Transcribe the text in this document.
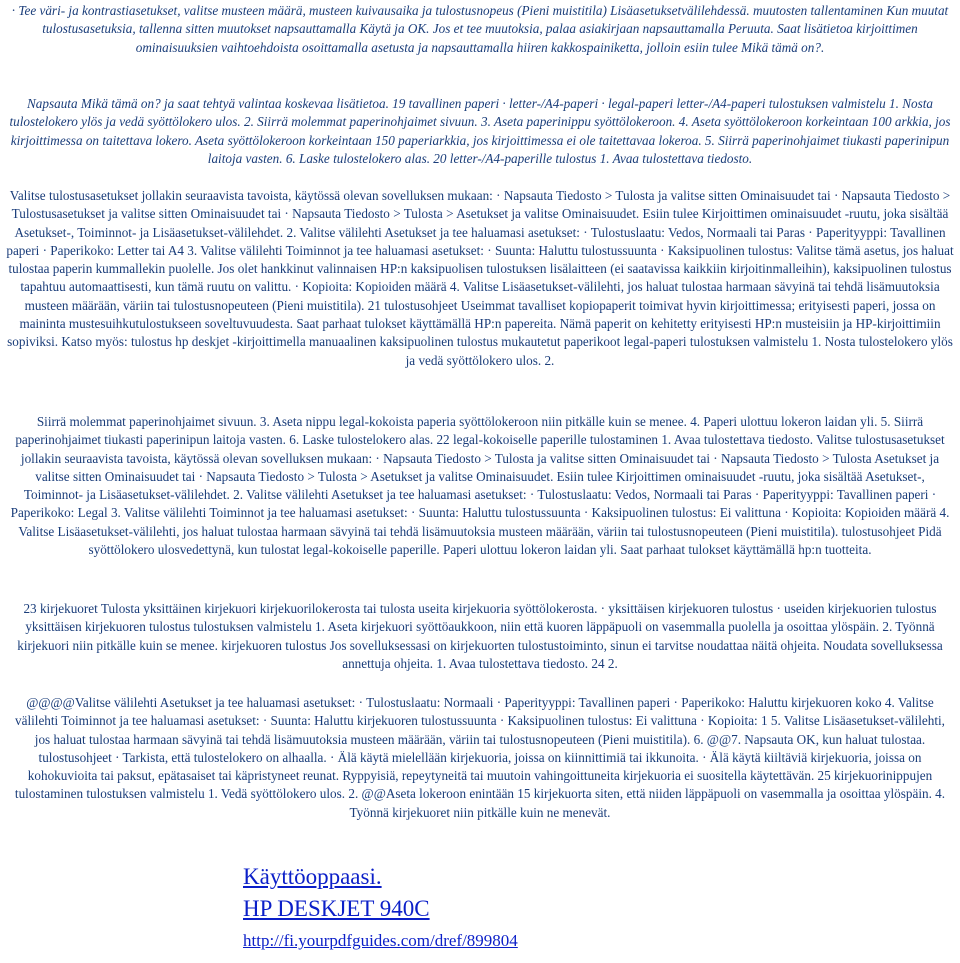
· Tee väri- ja kontrastiasetukset, valitse musteen määrä, musteen kuivausaika ja tulostusnopeus (Pieni muistitila) Lisäasetuksetvälilehdessä. muutosten tallentaminen Kun muutat tulostusasetuksia, tallenna sitten muutokset napsauttamalla Käytä ja OK. Jos et tee muutoksia, palaa asiakirjaan napsauttamalla Peruuta. Saat lisätietoa kirjoittimen ominaisuuksien vaihtoehdoista osoittamalla asetusta ja napsauttamalla hiiren kakkospainiketta, jolloin esiin tulee Mikä tämä on?.

Napsauta Mikä tämä on? ja saat tehtyä valintaa koskevaa lisätietoa. 19 tavallinen paperi · letter-/A4-paperi · legal-paperi letter-/A4-paperi tulostuksen valmistelu 1. Nosta tulostelokero ylös ja vedä syöttölokero ulos. 2. Siirrä molemmat paperinohjaimet sivuun. 3. Aseta paperinippu syöttölokeroon. 4. Aseta syöttölokeroon korkeintaan 100 arkkia, jos kirjoittimessa on taitettava lokero. Aseta syöttölokeroon korkeintaan 150 paperiarkkia, jos kirjoittimessa ei ole taitettavaa lokeroa. 5. Siirrä paperinohjaimet tiukasti paperinipun laitoja vasten. 6. Laske tulostelokero alas. 20 letter-/A4-paperille tulostus 1. Avaa tulostettava tiedosto.

Valitse tulostusasetukset jollakin seuraavista tavoista, käytössä olevan sovelluksen mukaan: · Napsauta Tiedosto > Tulosta ja valitse sitten Ominaisuudet tai · Napsauta Tiedosto > Tulostusasetukset ja valitse sitten Ominaisuudet tai · Napsauta Tiedosto > Tulosta > Asetukset ja valitse Ominaisuudet. Esiin tulee Kirjoittimen ominaisuudet -ruutu, joka sisältää Asetukset-, Toiminnot- ja Lisäasetukset-välilehdet. 2. Valitse välilehti Asetukset ja tee haluamasi asetukset: · Tulostuslaatu: Vedos, Normaali tai Paras · Paperityyppi: Tavallinen paperi · Paperikoko: Letter tai A4 3. Valitse välilehti Toiminnot ja tee haluamasi asetukset: · Suunta: Haluttu tulostussuunta · Kaksipuolinen tulostus: Valitse tämä asetus, jos haluat tulostaa paperin kummallekin puolelle. Jos olet hankkinut valinnaisen HP:n kaksipuolisen tulostuksen lisälaitteen (ei saatavissa kaikkiin kirjoitinmalleihin), kaksipuolinen tulostus tapahtuu automaattisesti, kun tämä ruutu on valittu. · Kopioita: Kopioiden määrä 4. Valitse Lisäasetukset-välilehti, jos haluat tulostaa harmaan sävyinä tai tehdä lisämuutoksia musteen määrään, väriin tai tulostusnopeuteen (Pieni muistitila). 21 tulostusohjeet Useimmat tavalliset kopiopaperit toimivat hyvin kirjoittimessa; erityisesti paperi, jossa on maininta mustesuihkutulostukseen soveltuvuudesta. Saat parhaat tulokset käyttämällä HP:n papereita. Nämä paperit on kehitetty erityisesti HP:n musteisiin ja HP-kirjoittimiin sopiviksi. Katso myös: tulostus hp deskjet -kirjoittimella manuaalinen kaksipuolinen tulostus mukautetut paperikoot legal-paperi tulostuksen valmistelu 1. Nosta tulostelokero ylös ja vedä syöttölokero ulos. 2.

Siirrä molemmat paperinohjaimet sivuun. 3. Aseta nippu legal-kokoista paperia syöttölokeroon niin pitkälle kuin se menee. 4. Paperi ulottuu lokeron laidan yli. 5. Siirrä paperinohjaimet tiukasti paperinipun laitoja vasten. 6. Laske tulostelokero alas. 22 legal-kokoiselle paperille tulostaminen 1. Avaa tulostettava tiedosto. Valitse tulostusasetukset jollakin seuraavista tavoista, käytössä olevan sovelluksen mukaan: · Napsauta Tiedosto > Tulosta ja valitse sitten Ominaisuudet tai · Napsauta Tiedosto > Tulosta Asetukset ja valitse sitten Ominaisuudet tai · Napsauta Tiedosto > Tulosta > Asetukset ja valitse Ominaisuudet. Esiin tulee Kirjoittimen ominaisuudet -ruutu, joka sisältää Asetukset-, Toiminnot- ja Lisäasetukset-välilehdet. 2. Valitse välilehti Asetukset ja tee haluamasi asetukset: · Tulostuslaatu: Vedos, Normaali tai Paras · Paperityyppi: Tavallinen paperi · Paperikoko: Legal 3. Valitse välilehti Toiminnot ja tee haluamasi asetukset: · Suunta: Haluttu tulostussuunta · Kaksipuolinen tulostus: Ei valittuna · Kopioita: Kopioiden määrä 4. Valitse Lisäasetukset-välilehti, jos haluat tulostaa harmaan sävyinä tai tehdä lisämuutoksia musteen määrään, väriin tai tulostusnopeuteen (Pieni muistitila). tulostusohjeet Pidä syöttölokero ulosvedettynä, kun tulostat legal-kokoiselle paperille. Paperi ulottuu lokeron laidan yli. Saat parhaat tulokset käyttämällä hp:n tuotteita.

23 kirjekuoret Tulosta yksittäinen kirjekuori kirjekuorilokerosta tai tulosta useita kirjekuoria syöttölokerosta. · yksittäisen kirjekuoren tulostus · useiden kirjekuorien tulostus yksittäisen kirjekuoren tulostus tulostuksen valmistelu 1. Aseta kirjekuori syöttöaukkoon, niin että kuoren läppäpuoli on vasemmalla puolella ja osoittaa ylöspäin. 2. Työnnä kirjekuori niin pitkälle kuin se menee. kirjekuoren tulostus Jos sovelluksessasi on kirjekuorten tulostustoiminto, sinun ei tarvitse noudattaa näitä ohjeita. Noudata sovelluksessa annettuja ohjeita. 1. Avaa tulostettava tiedosto. 24 2.

@@@@Valitse välilehti Asetukset ja tee haluamasi asetukset: · Tulostuslaatu: Normaali · Paperityyppi: Tavallinen paperi · Paperikoko: Haluttu kirjekuoren koko 4. Valitse välilehti Toiminnot ja tee haluamasi asetukset: · Suunta: Haluttu kirjekuoren tulostussuunta · Kaksipuolinen tulostus: Ei valittuna · Kopioita: 1 5. Valitse Lisäasetukset-välilehti, jos haluat tulostaa harmaan sävyinä tai tehdä lisämuutoksia musteen määrään, väriin tai tulostusnopeuteen (Pieni muistitila). 6. @@7. Napsauta OK, kun haluat tulostaa. tulostusohjeet · Tarkista, että tulostelokero on alhaalla. · Älä käytä mielellään kirjekuoria, joissa on kiinnittimiä tai ikkunoita. · Älä käytä kiiltäviä kirjekuoria, joissa on kohokuvioita tai paksut, epätasaiset tai käpristyneet reunat. Ryppyisiä, repeytyneitä tai muutoin vahingoittuneita kirjekuoria ei suositella käytettävän. 25 kirjekuorinippujen tulostaminen tulostuksen valmistelu 1. Vedä syöttölokero ulos. 2. @@Aseta lokeroon enintään 15 kirjekuorta siten, että niiden läppäpuoli on vasemmalla ja osoittaa ylöspäin. 4. Työnnä kirjekuoret niin pitkälle kuin ne menevät.

Käyttöoppaasi.
HP DESKJET 940C
http://fi.yourpdfguides.com/dref/899804
